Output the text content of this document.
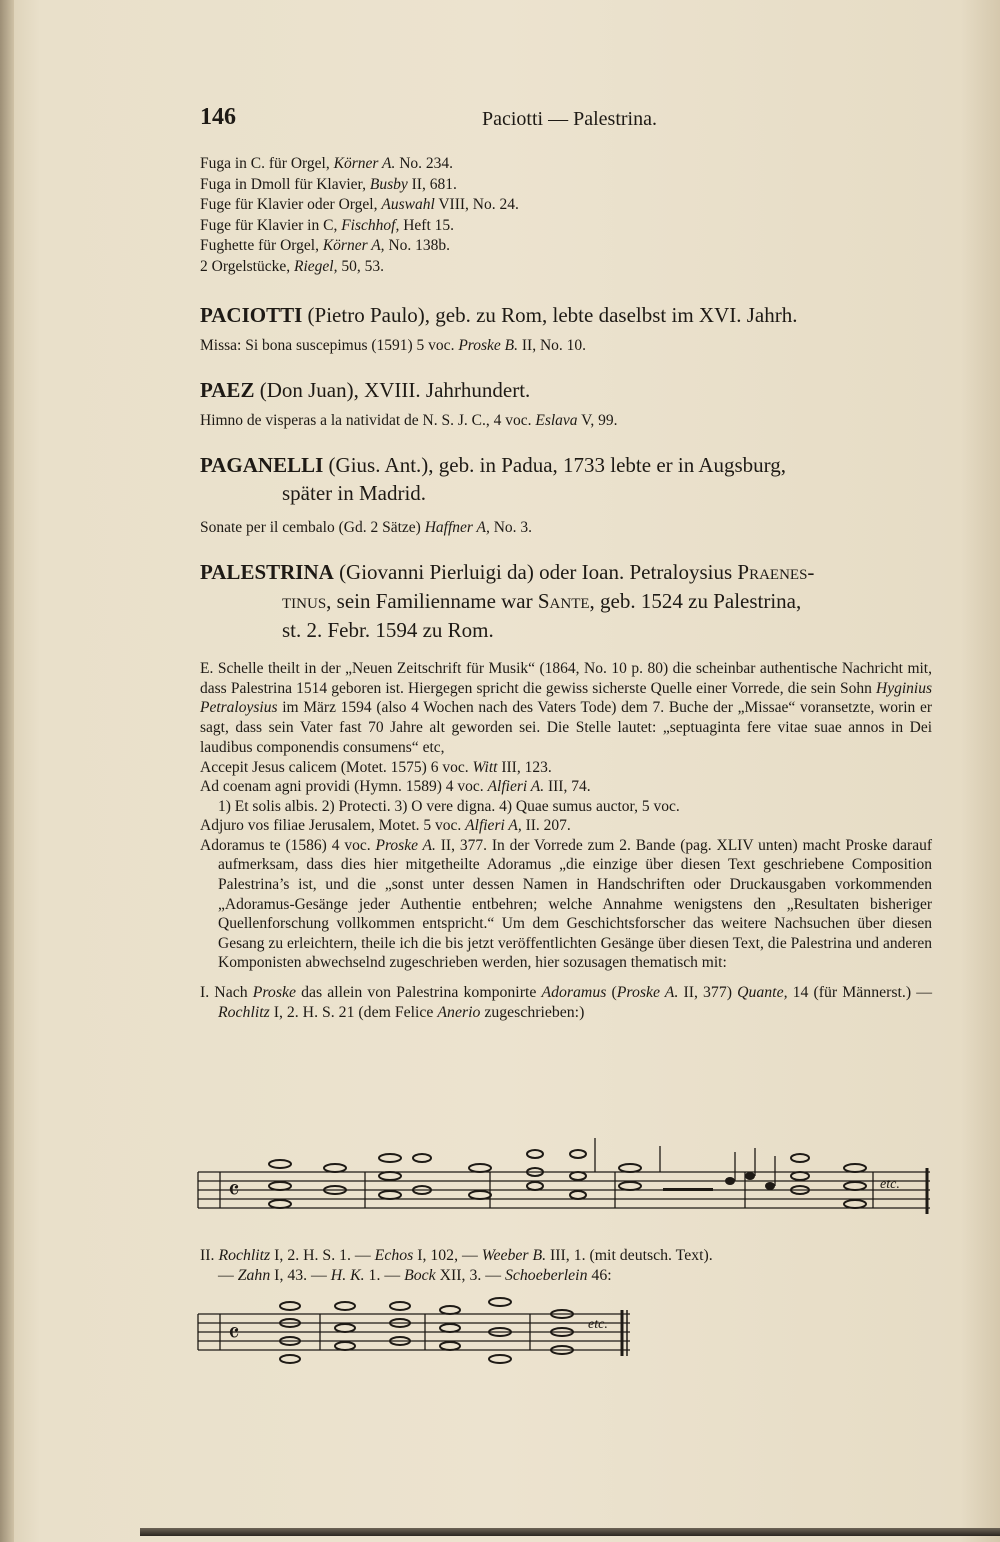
146	Paciotti — Palestrina.
Fuga in C. für Orgel, Körner A. No. 234.
Fuga in Dmoll für Klavier, Busby II, 681.
Fuge für Klavier oder Orgel, Auswahl VIII, No. 24.
Fuge für Klavier in C, Fischhof, Heft 15.
Fughette für Orgel, Körner A, No. 138b.
2 Orgelstücke, Riegel, 50, 53.
PACIOTTI (Pietro Paulo), geb. zu Rom, lebte daselbst im XVI. Jahrh.
Missa: Si bona suscepimus (1591) 5 voc. Proske B. II, No. 10.
PAEZ (Don Juan), XVIII. Jahrhundert.
Himno de visperas a la natividat de N. S. J. C., 4 voc. Eslava V, 99.
PAGANELLI (Gius. Ant.), geb. in Padua, 1733 lebte er in Augsburg,
später in Madrid.
Sonate per il cembalo (Gd. 2 Sätze) Haffner A, No. 3.
PALESTRINA (Giovanni Pierluigi da) oder Ioan. Petraloysius Praenes-
tinus, sein Familienname war Sante, geb. 1524 zu Palestrina,
st. 2. Febr. 1594 zu Rom.
E. Schelle theilt in der „Neuen Zeitschrift für Musik“ (1864, No. 10 p. 80) die scheinbar authentische Nachricht mit, dass Palestrina 1514 geboren ist. Hiergegen spricht die gewiss sicherste Quelle einer Vorrede, die sein Sohn Hyginius Petraloysius im März 1594 (also 4 Wochen nach des Vaters Tode) dem 7. Buche der „Missae“ voransetzte, worin er sagt, dass sein Vater fast 70 Jahre alt geworden sei. Die Stelle lautet: „septuaginta fere vitae suae annos in Dei laudibus componendis consumens“ etc,
Accepit Jesus calicem (Motet. 1575) 6 voc. Witt III, 123.
Ad coenam agni providi (Hymn. 1589) 4 voc. Alfieri A. III, 74.
1) Et solis albis. 2) Protecti. 3) O vere digna. 4) Quae sumus auctor, 5 voc.
Adjuro vos filiae Jerusalem, Motet. 5 voc. Alfieri A, II. 207.
Adoramus te (1586) 4 voc. Proske A. II, 377. In der Vorrede zum 2. Bande (pag. XLIV unten) macht Proske darauf aufmerksam, dass dies hier mitgetheilte Adoramus „die einzige über diesen Text geschriebene Composition Palestrina’s ist, und die „sonst unter dessen Namen in Handschriften oder Druckausgaben vorkommenden „Adoramus-Gesänge jeder Authentie entbehren; welche Annahme wenigstens den „Resultaten bisheriger Quellenforschung vollkommen entspricht.“ Um dem Geschichtsforscher das weitere Nachsuchen über diesen Gesang zu erleichtern, theile ich die bis jetzt veröffentlichten Gesänge über diesen Text, die Palestrina und anderen Komponisten abwechselnd zugeschrieben werden, hier sozusagen thematisch mit:
I. Nach Proske das allein von Palestrina komponirte Adoramus (Proske A. II, 377) Quante, 14 (für Männerst.) — Rochlitz I, 2. H. S. 21 (dem Felice Anerio zugeschrieben:)
𝄴	etc.
II. Rochlitz I, 2. H. S. 1. — Echos I, 102, — Weeber B. III, 1. (mit deutsch. Text).
— Zahn I, 43. — H. K. 1. — Bock XII, 3. — Schoeberlein 46:
𝄴	etc.
